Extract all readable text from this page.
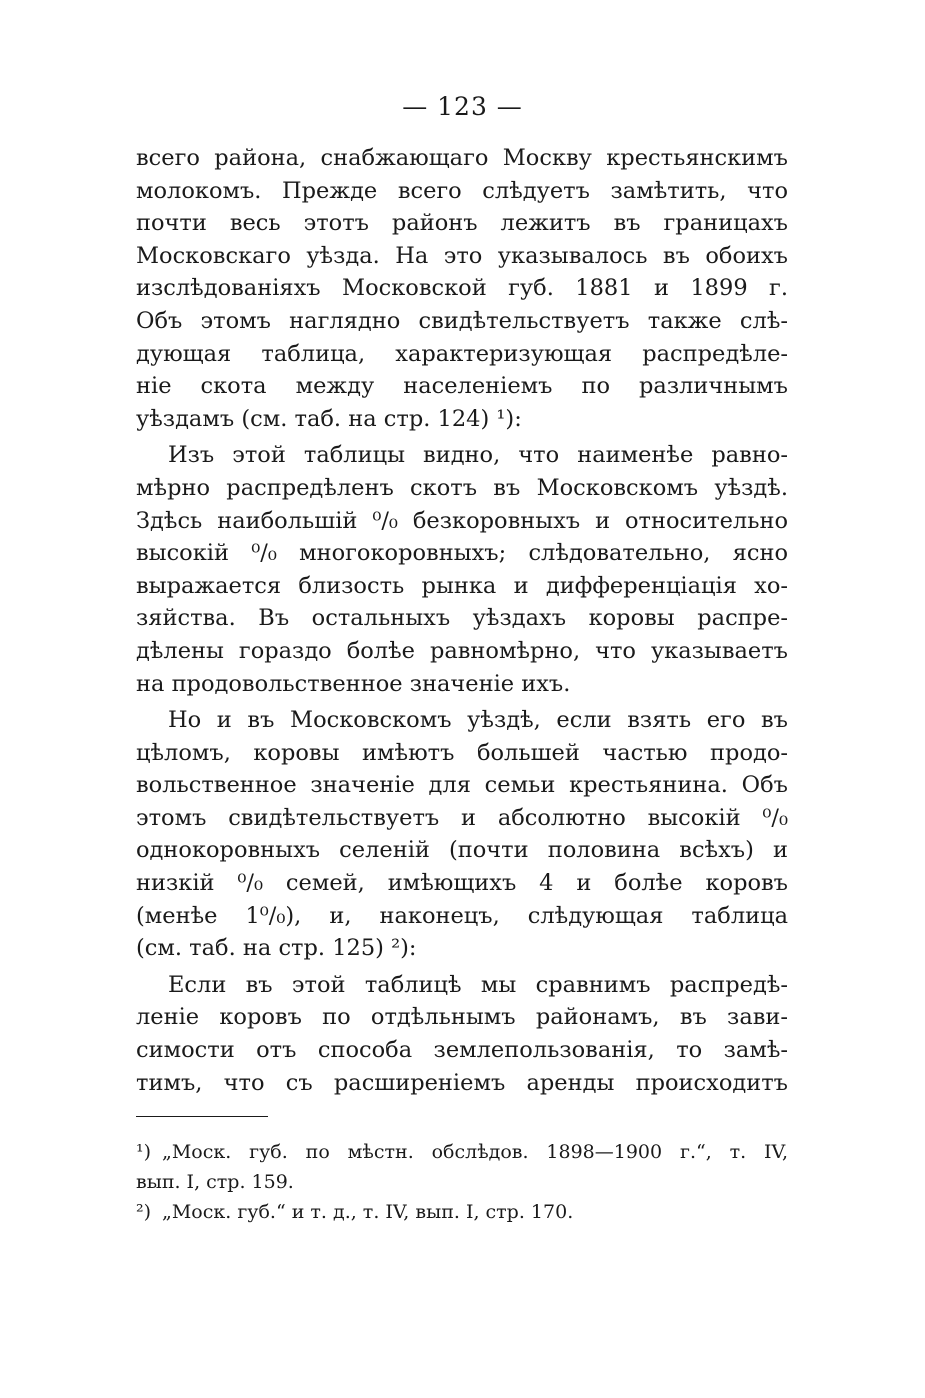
— 123 —
всего района, снабжающаго Москву крестьянскимъ
молокомъ. Прежде всего слѣдуетъ замѣтить, что
почти весь этотъ районъ лежитъ въ границахъ
Московскаго уѣзда. На это указывалось въ обоихъ
изслѣдованіяхъ Московской губ. 1881 и 1899 г.
Объ этомъ наглядно свидѣтельствуетъ также слѣ-
дующая таблица, характеризующая распредѣле-
ніе скота между населеніемъ по различнымъ
уѣздамъ (см. таб. на стр. 124) ¹):
Изъ этой таблицы видно, что наименѣе равно-
мѣрно распредѣленъ скотъ въ Московскомъ уѣздѣ.
Здѣсь наибольшій ⁰/₀ безкоровныхъ и относительно
высокій ⁰/₀ многокоровныхъ; слѣдовательно, ясно
выражается близость рынка и дифференціація хо-
зяйства. Въ остальныхъ уѣздахъ коровы распре-
дѣлены гораздо болѣе равномѣрно, что указываетъ
на продовольственное значеніе ихъ.
Но и въ Московскомъ уѣздѣ, если взять его въ
цѣломъ, коровы имѣютъ большей частью продо-
вольственное значеніе для семьи крестьянина. Объ
этомъ свидѣтельствуетъ и абсолютно высокій ⁰/₀
однокоровныхъ селеній (почти половина всѣхъ) и
низкій ⁰/₀ семей, имѣющихъ 4 и болѣе коровъ
(менѣе 1⁰/₀), и, наконецъ, слѣдующая таблица
(см. таб. на стр. 125) ²):
Если въ этой таблицѣ мы сравнимъ распредѣ-
леніе коровъ по отдѣльнымъ районамъ, въ зави-
симости отъ способа землепользованія, то замѣ-
тимъ, что съ расширеніемъ аренды происходитъ
¹) „Моск. губ. по мѣстн. обслѣдов. 1898—1900 г.“, т. IV,
вып. I, стр. 159.
²) „Моск. губ.“ и т. д., т. IV, вып. I, стр. 170.
